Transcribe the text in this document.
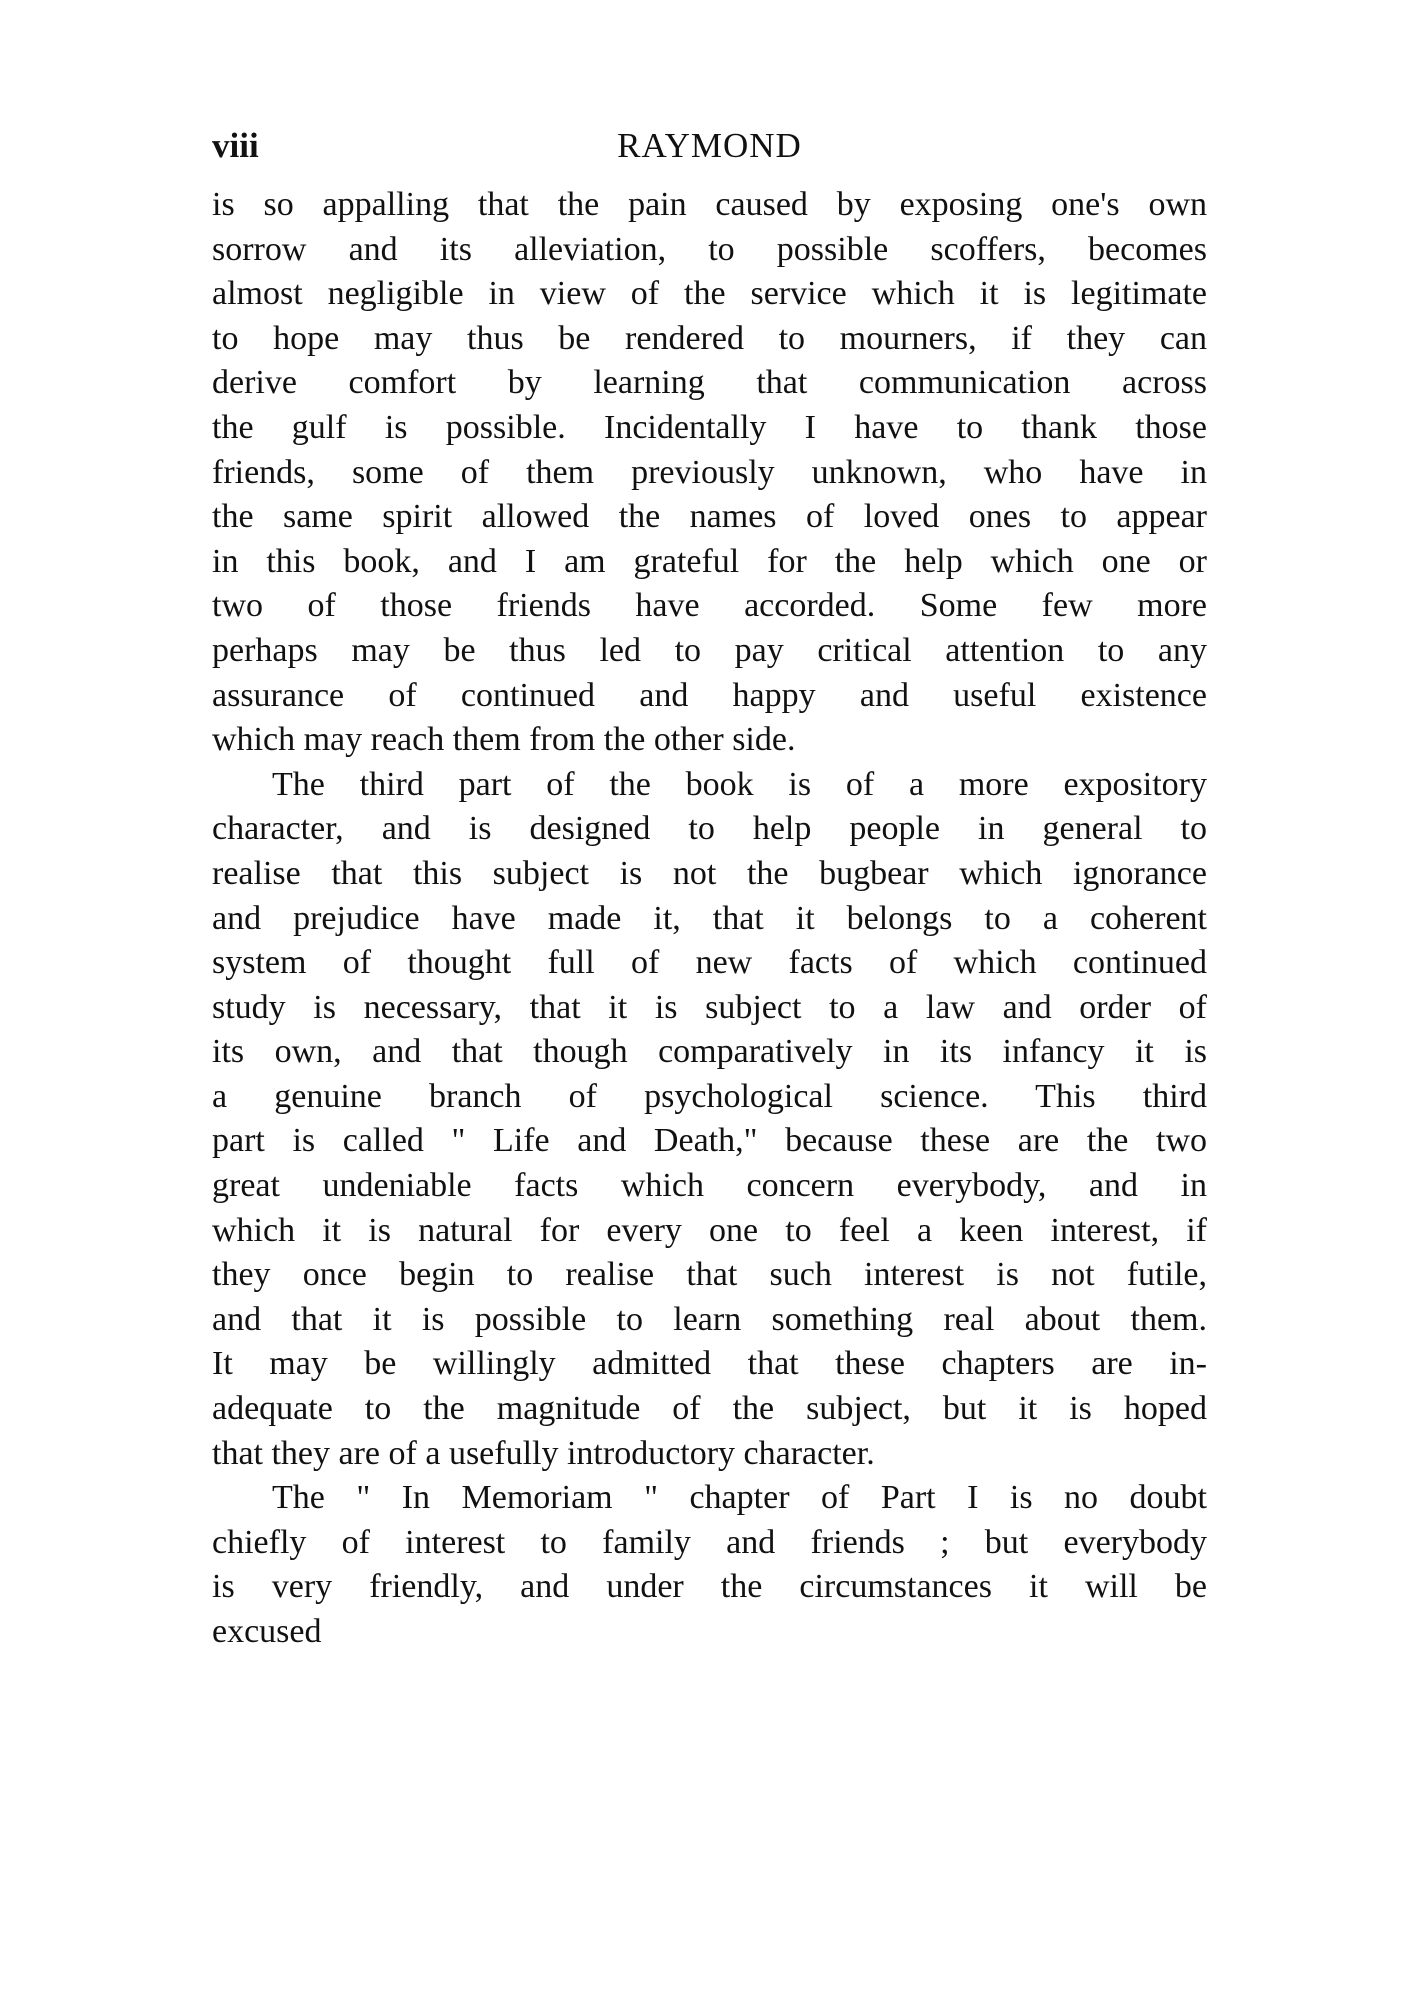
viii	RAYMOND
is so appalling that the pain caused by exposing one's own
sorrow and its alleviation, to possible scoffers, becomes
almost negligible in view of the service which it is legitimate
to hope may thus be rendered to mourners, if they can
derive comfort by learning that communication across
the gulf is possible. Incidentally I have to thank those
friends, some of them previously unknown, who have in
the same spirit allowed the names of loved ones to appear
in this book, and I am grateful for the help which one or
two of those friends have accorded. Some few more
perhaps may be thus led to pay critical attention to any
assurance of continued and happy and useful existence
which may reach them from the other side.
The third part of the book is of a more expository
character, and is designed to help people in general to
realise that this subject is not the bugbear which ignorance
and prejudice have made it, that it belongs to a coherent
system of thought full of new facts of which continued
study is necessary, that it is subject to a law and order of
its own, and that though comparatively in its infancy it is
a genuine branch of psychological science. This third
part is called " Life and Death," because these are the two
great undeniable facts which concern everybody, and in
which it is natural for every one to feel a keen interest, if
they once begin to realise that such interest is not futile,
and that it is possible to learn something real about them.
It may be willingly admitted that these chapters are in-
adequate to the magnitude of the subject, but it is hoped
that they are of a usefully introductory character.
The " In Memoriam " chapter of Part I is no doubt
chiefly of interest to family and friends ; but everybody
is very friendly, and under the circumstances it will be
excused
